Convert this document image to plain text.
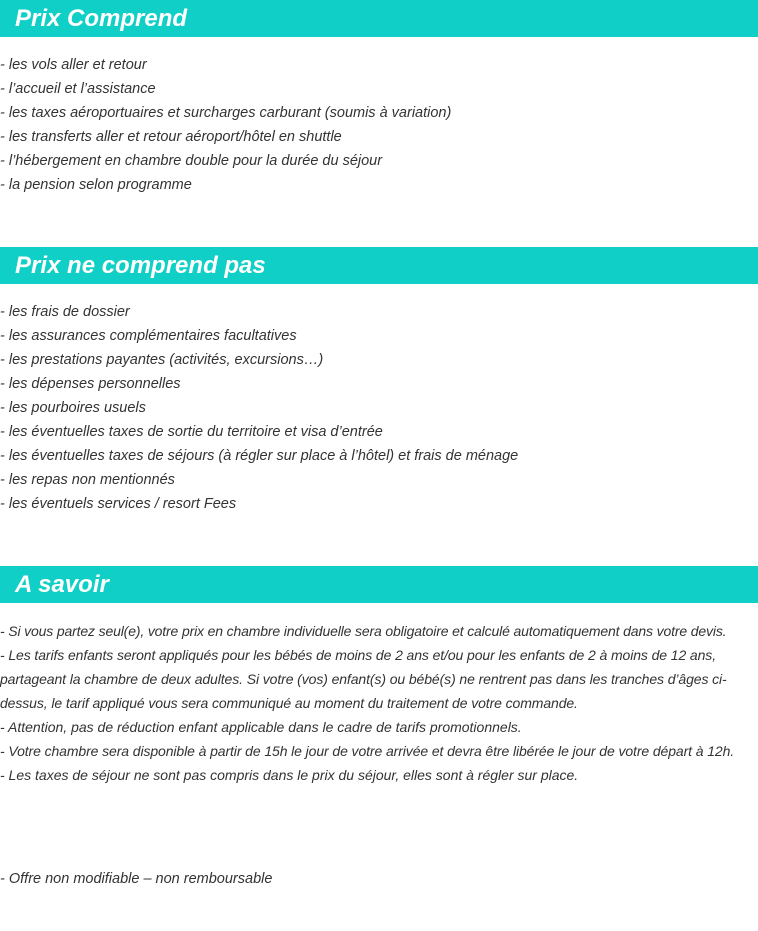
Prix Comprend
- les vols aller et retour
- l’accueil et l’assistance
- les taxes aéroportuaires et surcharges carburant (soumis à variation)
- les transferts aller et retour aéroport/hôtel en shuttle
- l’hébergement en chambre double pour la durée du séjour
- la pension selon programme
Prix ne comprend pas
- les frais de dossier
- les assurances complémentaires facultatives
- les prestations payantes (activités, excursions…)
- les dépenses personnelles
- les pourboires usuels
- les éventuelles taxes de sortie du territoire et visa d’entrée
- les éventuelles taxes de séjours (à régler sur place à l’hôtel) et frais de ménage
- les repas non mentionnés
- les éventuels services / resort Fees
A savoir
- Si vous partez seul(e), votre prix en chambre individuelle sera obligatoire et calculé automatiquement dans votre devis.
- Les tarifs enfants seront appliqués pour les bébés de moins de 2 ans et/ou pour les enfants de 2 à moins de 12 ans, partageant la chambre de deux adultes. Si votre (vos) enfant(s) ou bébé(s) ne rentrent pas dans les tranches d’âges ci-dessus, le tarif appliqué vous sera communiqué au moment du traitement de votre commande.
- Attention, pas de réduction enfant applicable dans le cadre de tarifs promotionnels.
- Votre chambre sera disponible à partir de 15h le jour de votre arrivée et devra être libérée le jour de votre départ à 12h.
- Les taxes de séjour ne sont pas compris dans le prix du séjour, elles sont à régler sur place.
- Offre non modifiable – non remboursable
